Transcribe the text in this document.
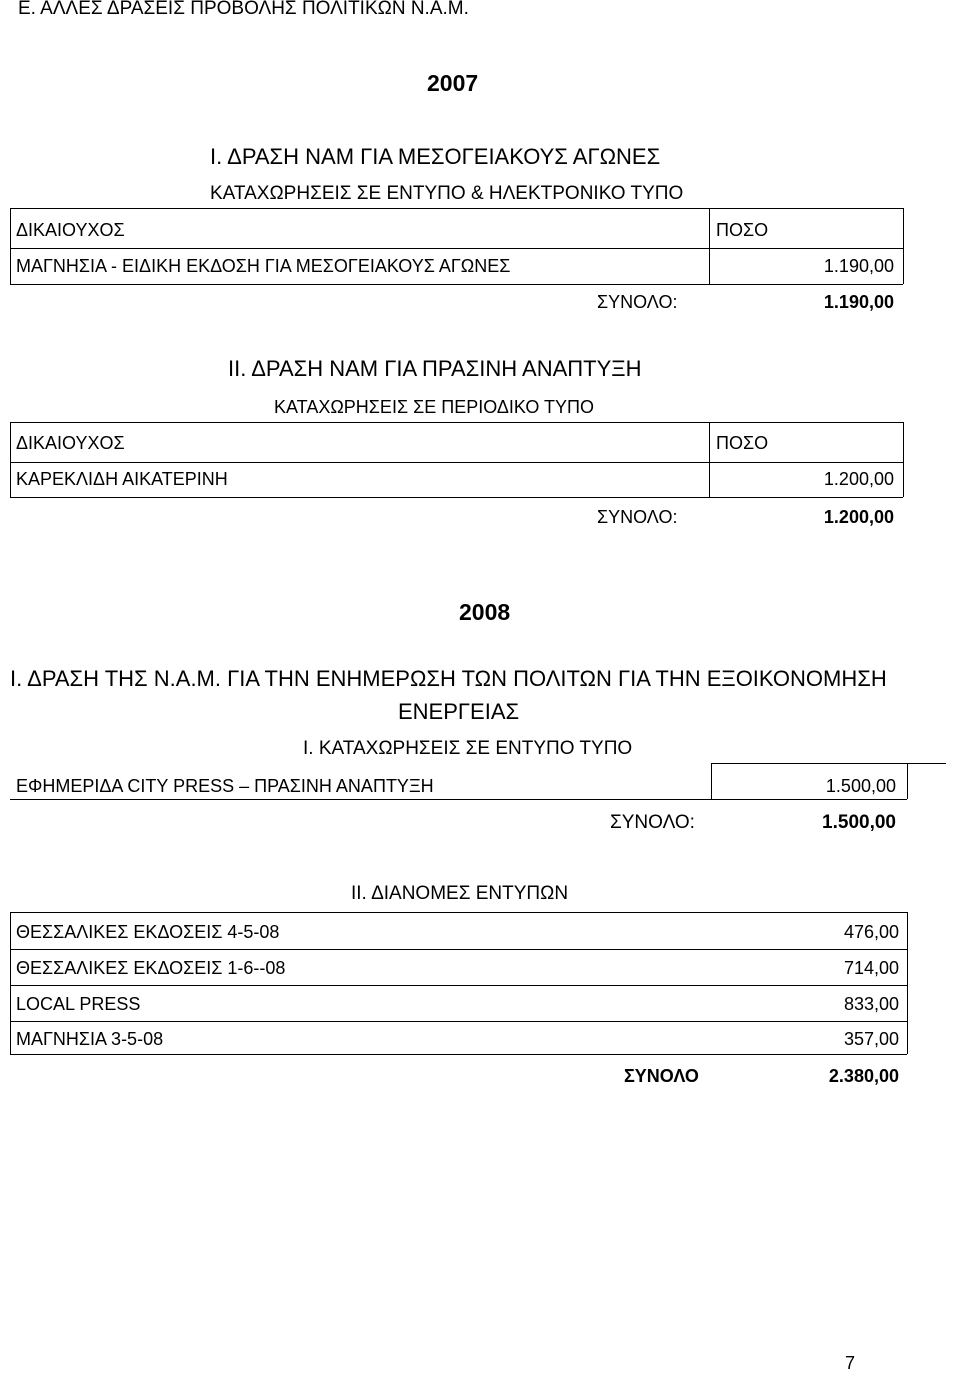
Ε. ΑΛΛΕΣ ΔΡΑΣΕΙΣ ΠΡΟΒΟΛΗΣ ΠΟΛΙΤΙΚΩΝ Ν.Α.Μ.
2007
Ι. ΔΡΑΣΗ ΝΑΜ ΓΙΑ ΜΕΣΟΓΕΙΑΚΟΥΣ ΑΓΩΝΕΣ
ΚΑΤΑΧΩΡΗΣΕΙΣ ΣΕ ΕΝΤΥΠΟ & ΗΛΕΚΤΡΟΝΙΚΟ ΤΥΠΟ
ΔΙΚΑΙΟΥΧΟΣ	ΠΟΣΟ
ΜΑΓΝΗΣΙΑ - ΕΙΔΙΚΗ ΕΚΔΟΣΗ ΓΙΑ ΜΕΣΟΓΕΙΑΚΟΥΣ ΑΓΩΝΕΣ	1.190,00
ΣΥΝΟΛΟ:	1.190,00
ΙΙ. ΔΡΑΣΗ ΝΑΜ ΓΙΑ ΠΡΑΣΙΝΗ ΑΝΑΠΤΥΞΗ
ΚΑΤΑΧΩΡΗΣΕΙΣ ΣΕ ΠΕΡΙΟΔΙΚΟ ΤΥΠΟ
ΔΙΚΑΙΟΥΧΟΣ	ΠΟΣΟ
ΚΑΡΕΚΛΙΔΗ ΑΙΚΑΤΕΡΙΝΗ	1.200,00
ΣΥΝΟΛΟ:	1.200,00
2008
Ι. ΔΡΑΣΗ ΤΗΣ Ν.Α.Μ. ΓΙΑ ΤΗΝ ΕΝΗΜΕΡΩΣΗ ΤΩΝ ΠΟΛΙΤΩΝ ΓΙΑ ΤΗΝ ΕΞΟΙΚΟΝΟΜΗΣΗ
ΕΝΕΡΓΕΙΑΣ
Ι. ΚΑΤΑΧΩΡΗΣΕΙΣ ΣΕ ΕΝΤΥΠΟ ΤΥΠΟ
ΕΦΗΜΕΡΙΔΑ CITY PRESS – ΠΡΑΣΙΝΗ ΑΝΑΠΤΥΞΗ	1.500,00
ΣΥΝΟΛΟ:	1.500,00
ΙΙ. ΔΙΑΝΟΜΕΣ ΕΝΤΥΠΩΝ
ΘΕΣΣΑΛΙΚΕΣ ΕΚΔΟΣΕΙΣ 4-5-08	476,00
ΘΕΣΣΑΛΙΚΕΣ ΕΚΔΟΣΕΙΣ 1-6--08	714,00
LOCAL PRESS	833,00
ΜΑΓΝΗΣΙΑ 3-5-08	357,00
ΣΥΝΟΛΟ	2.380,00
7
